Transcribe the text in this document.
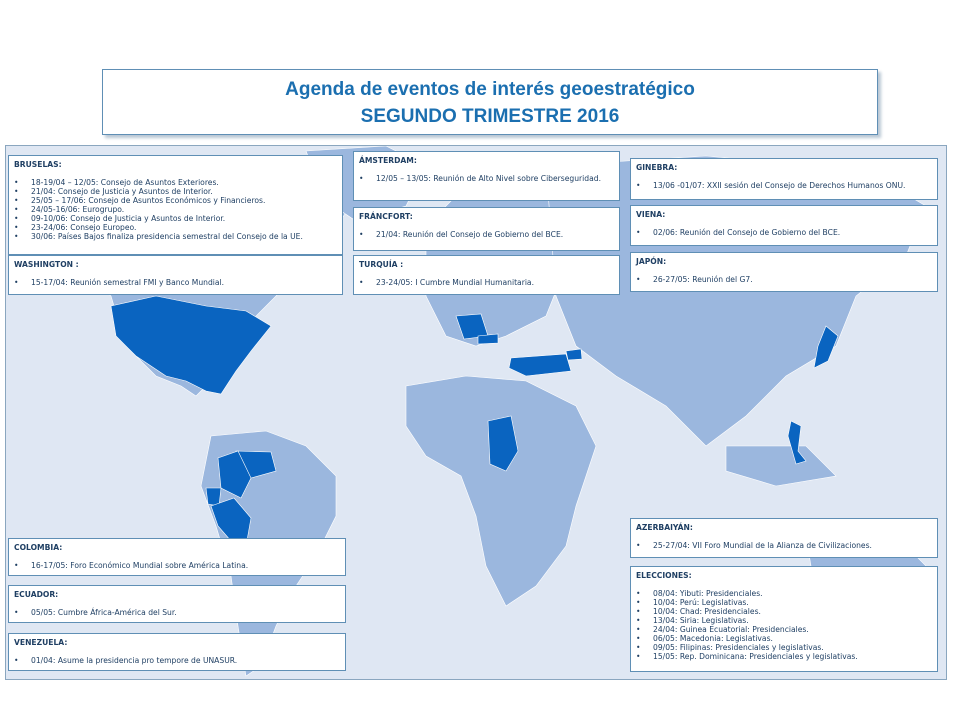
Agenda de eventos de interés geoestratégico
SEGUNDO TRIMESTRE 2016
BRUSELAS:
• 18-19/04 – 12/05: Consejo de Asuntos Exteriores.
• 21/04: Consejo de Justicia y Asuntos de Interior.
• 25/05 – 17/06: Consejo de Asuntos Económicos y Financieros.
• 24/05-16/06: Eurogrupo.
• 09-10/06: Consejo de Justicia y Asuntos de Interior.
• 23-24/06: Consejo Europeo.
• 30/06: Países Bajos finaliza presidencia semestral del Consejo de la UE.
ÁMSTERDAM:
• 12/05 – 13/05: Reunión de Alto Nivel sobre Ciberseguridad.
GINEBRA:
• 13/06 -01/07: XXII sesión del Consejo de Derechos Humanos ONU.
FRÁNCFORT:
• 21/04: Reunión del Consejo de Gobierno del BCE.
VIENA:
• 02/06: Reunión del Consejo de Gobierno del BCE.
WASHINGTON :
• 15-17/04: Reunión semestral FMI y Banco Mundial.
TURQUÍA :
• 23-24/05: I Cumbre Mundial Humanitaria.
JAPÓN:
• 26-27/05: Reunión del G7.
AZERBAIYÁN:
• 25-27/04: VII Foro Mundial de la Alianza de Civilizaciones.
ELECCIONES:
• 08/04: Yibuti: Presidenciales.
• 10/04: Perú: Legislativas.
• 10/04: Chad: Presidenciales.
• 13/04: Siria: Legislativas.
• 24/04: Guinea Ecuatorial: Presidenciales.
• 06/05: Macedonia: Legislativas.
• 09/05: Filipinas: Presidenciales y legislativas.
• 15/05: Rep. Dominicana: Presidenciales y legislativas.
COLOMBIA:
• 16-17/05: Foro Económico Mundial sobre América Latina.
ECUADOR:
• 05/05: Cumbre África-América del Sur.
VENEZUELA:
• 01/04: Asume la presidencia pro tempore de UNASUR.
